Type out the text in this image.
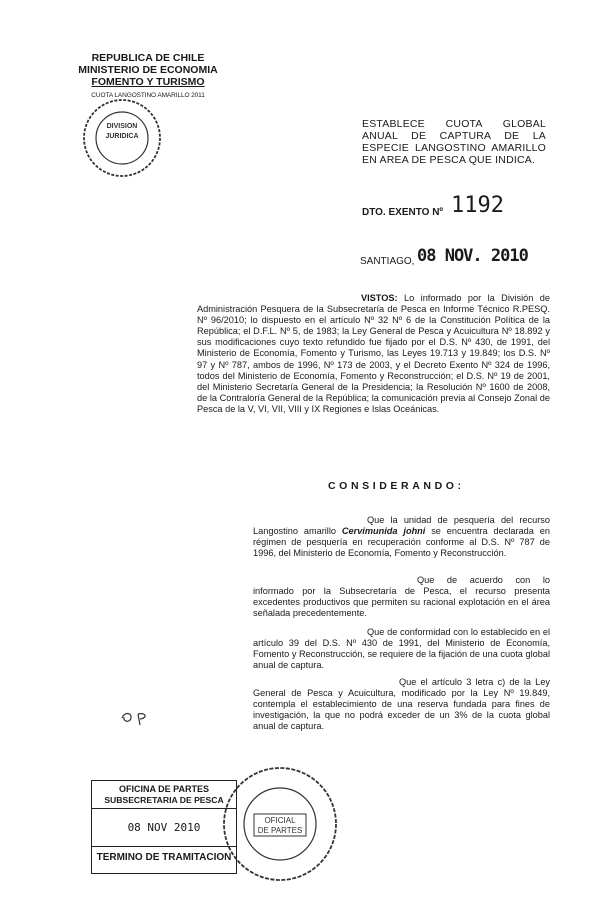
REPUBLICA DE CHILE
MINISTERIO DE ECONOMIA
FOMENTO Y TURISMO
CUOTA LANGOSTINO AMARILLO 2011
DIVISION
JURIDICA
ESTABLECE CUOTA GLOBAL ANUAL DE CAPTURA DE LA ESPECIE LANGOSTINO AMARILLO EN AREA DE PESCA QUE INDICA.
DTO. EXENTO Nº 1192
SANTIAGO, 08 NOV. 2010
VISTOS: Lo informado por la División de Administración Pesquera de la Subsecretaría de Pesca en Informe Técnico R.PESQ. Nº 96/2010; lo dispuesto en el artículo Nº 32 Nº 6 de la Constitución Política de la República; el D.F.L. Nº 5, de 1983; la Ley General de Pesca y Acuicultura Nº 18.892 y sus modificaciones cuyo texto refundido fue fijado por el D.S. Nº 430, de 1991, del Ministerio de Economía, Fomento y Turismo, las Leyes 19.713 y 19.849; los D.S. Nº 97 y Nº 787, ambos de 1996, Nº 173 de 2003, y el Decreto Exento Nº 324 de 1996, todos del Ministerio de Economía, Fomento y Reconstrucción; el D.S. Nº 19 de 2001, del Ministerio Secretaría General de la Presidencia; la Resolución Nº 1600 de 2008, de la Contraloría General de la República; la comunicación previa al Consejo Zonal de Pesca de la V, VI, VII, VIII y IX Regiones e Islas Oceánicas.
CONSIDERANDO:
Que la unidad de pesquería del recurso Langostino amarillo Cervimunida johni se encuentra declarada en régimen de pesquería en recuperación conforme al D.S. Nº 787 de 1996, del Ministerio de Economía, Fomento y Reconstrucción.
Que de acuerdo con lo informado por la Subsecretaría de Pesca, el recurso presenta excedentes productivos que permiten su racional explotación en el área señalada precedentemente.
Que de conformidad con lo establecido en el artículo 39 del D.S. Nº 430 de 1991, del Ministerio de Economía, Fomento y Reconstrucción, se requiere de la fijación de una cuota global anual de captura.
Que el artículo 3 letra c) de la Ley General de Pesca y Acuicultura, modificado por la Ley Nº 19.849, contempla el establecimiento de una reserva fundada para fines de investigación, la que no podrá exceder de un 3% de la cuota global anual de captura.
OFICINA DE PARTES
SUBSECRETARIA DE PESCA
08 NOV 2010
TERMINO DE TRAMITACION
OFICIAL
DE PARTES
